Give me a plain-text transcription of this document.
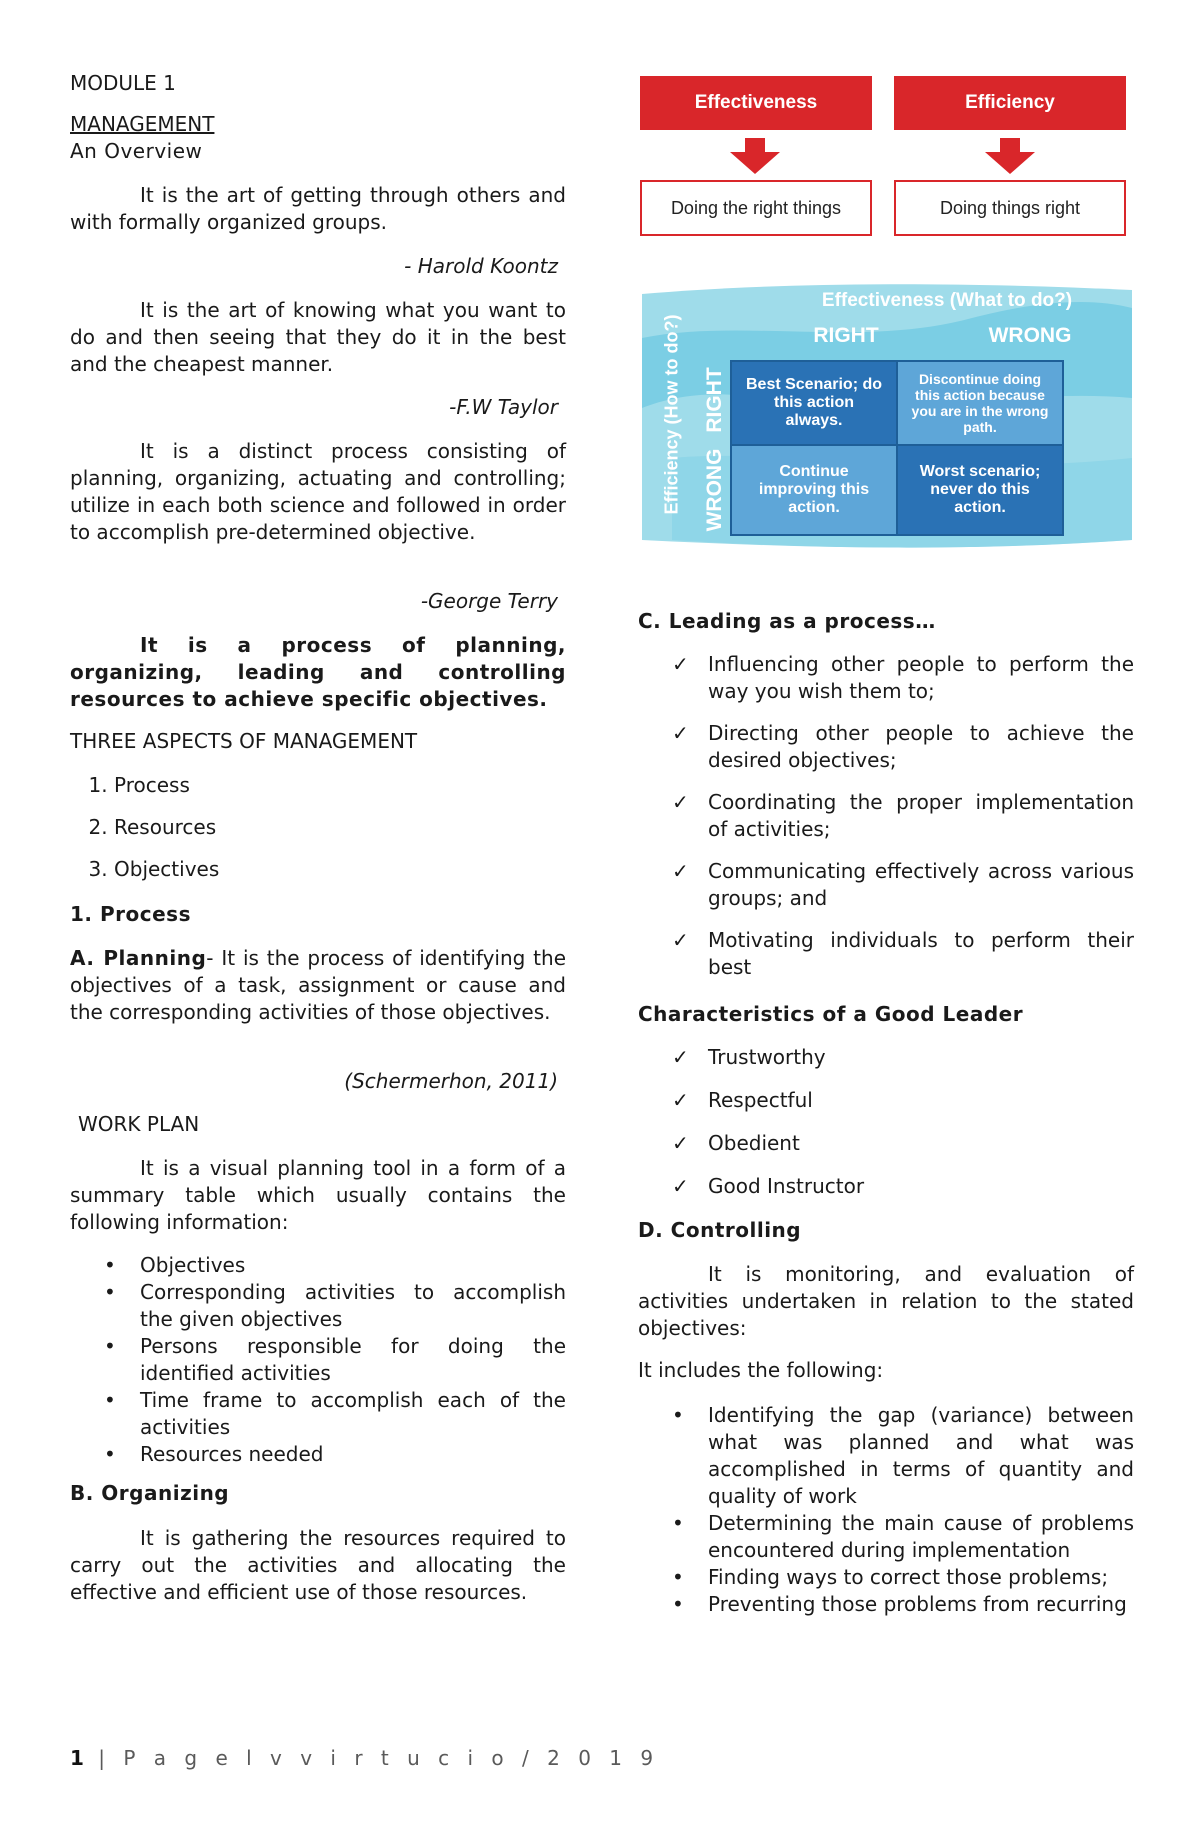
MODULE 1

MANAGEMENT

An Overview

It is the art of getting through others and with formally organized groups.

- Harold Koontz

It is the art of knowing what you want to do and then seeing that they do it in the best and the cheapest manner.

-F.W Taylor

It is a distinct process consisting of planning, organizing, actuating and controlling; utilize in each both science and followed in order to accomplish pre-determined objective.

-George Terry

It is a process of planning, organizing, leading and controlling resources to achieve specific objectives.

THREE ASPECTS OF MANAGEMENT

1. Process
2. Resources
3. Objectives

1. Process

A. Planning- It is the process of identifying the objectives of a task, assignment or cause and the corresponding activities of those objectives.

(Schermerhon, 2011)

WORK PLAN

It is a visual planning tool in a form of a summary table which usually contains the following information:

• Objectives
• Corresponding activities to accomplish the given objectives
• Persons responsible for doing the identified activities
• Time frame to accomplish each of the activities
• Resources needed

B. Organizing

It is gathering the resources required to carry out the activities and allocating the effective and efficient use of those resources.

Effectiveness	Efficiency
Doing the right things	Doing things right
Effectiveness (What to do?)
RIGHT	WRONG
Efficiency (How to do?) RIGHT
WRONG
Best Scenario; do this action always.
Discontinue doing this action because you are in the wrong path.
Continue improving this action.
Worst scenario; never do this action.

C. Leading as a process…

✓ Influencing other people to perform the way you wish them to;
✓ Directing other people to achieve the desired objectives;
✓ Coordinating the proper implementation of activities;
✓ Communicating effectively across various groups; and
✓ Motivating individuals to perform their best

Characteristics of a Good Leader

✓ Trustworthy
✓ Respectful
✓ Obedient
✓ Good Instructor

D. Controlling

It is monitoring, and evaluation of activities undertaken in relation to the stated objectives:

It includes the following:

• Identifying the gap (variance) between what was planned and what was accomplished in terms of quantity and quality of work
• Determining the main cause of problems encountered during implementation
• Finding ways to correct those problems;
• Preventing those problems from recurring
1 | P a g e l v v i r t u c i o / 2 0 1 9
